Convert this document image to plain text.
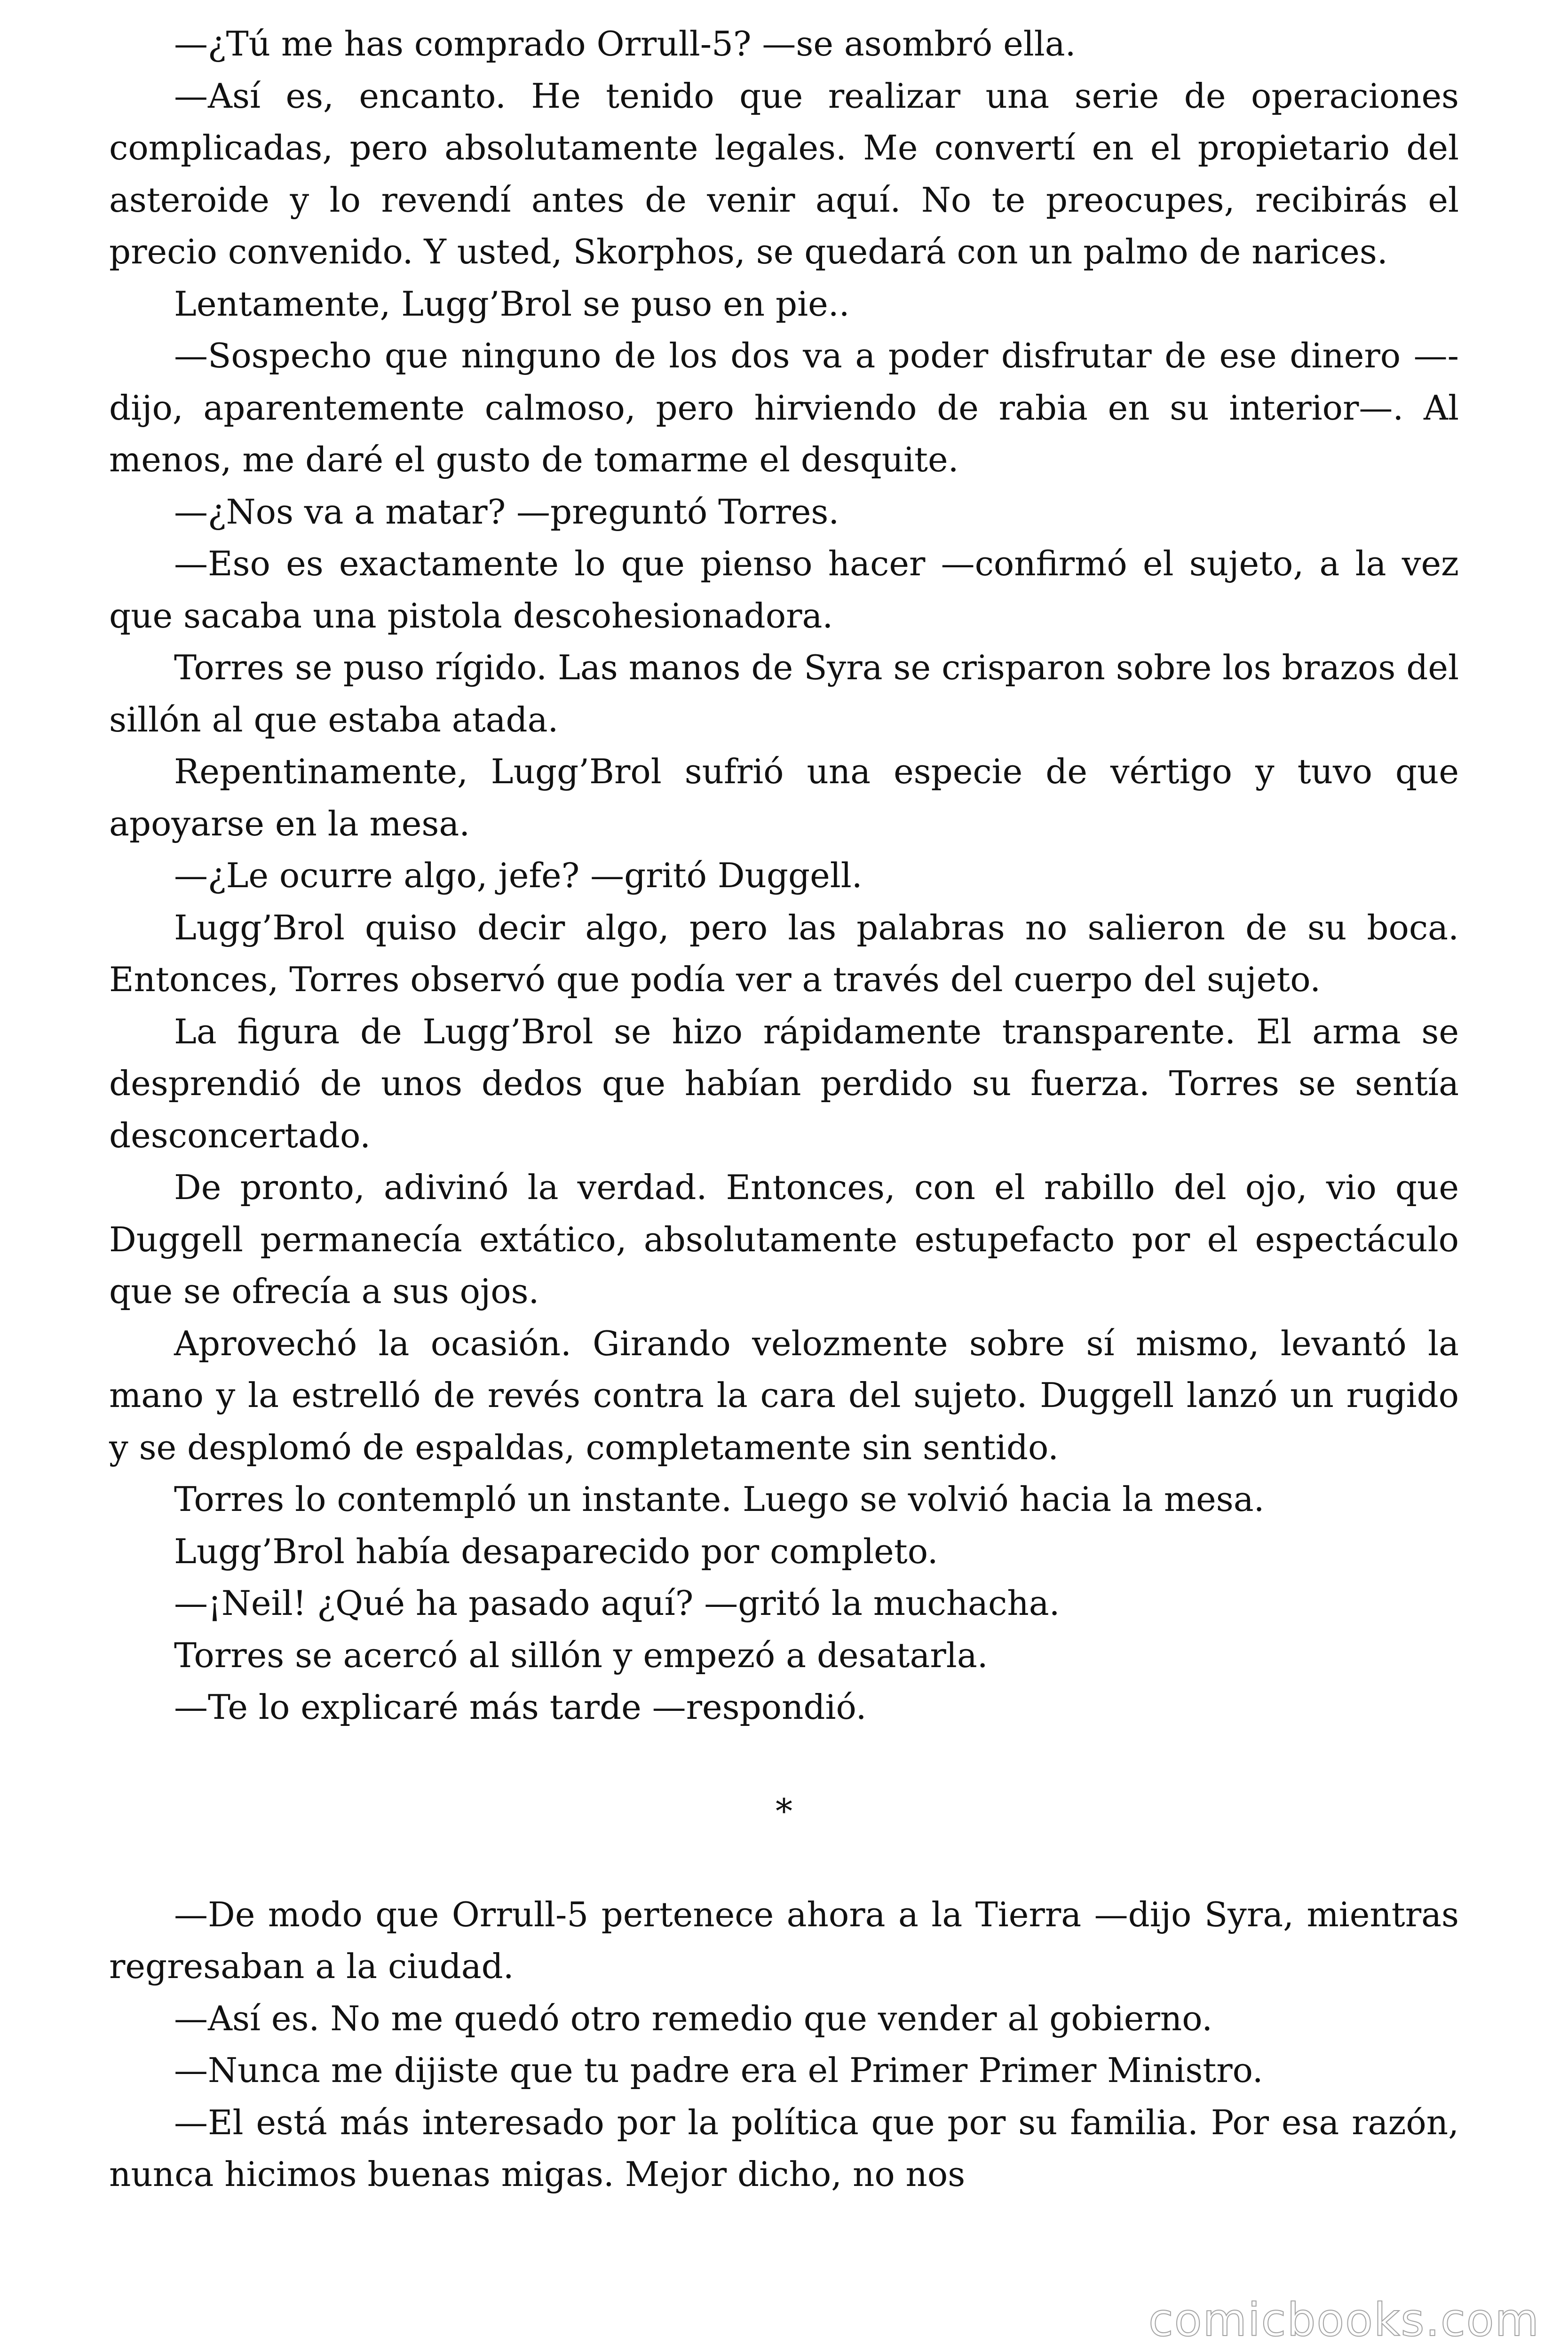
—¿Tú me has comprado Orrull-5? —se asombró ella.

—Así es, encanto. He tenido que realizar una serie de operaciones complicadas, pero absolutamente legales. Me convertí en el propietario del asteroide y lo revendí antes de venir aquí. No te preocupes, recibirás el precio convenido. Y usted, Skorphos, se quedará con un palmo de narices.

Lentamente, Lugg’Brol se puso en pie..

—Sospecho que ninguno de los dos va a poder disfrutar de ese dinero —-dijo, aparentemente calmoso, pero hirviendo de rabia en su interior—. Al menos, me daré el gusto de tomarme el desquite.

—¿Nos va a matar? —preguntó Torres.

—Eso es exactamente lo que pienso hacer —confirmó el sujeto, a la vez que sacaba una pistola descohesionadora.

Torres se puso rígido. Las manos de Syra se crisparon sobre los brazos del sillón al que estaba atada.

Repentinamente, Lugg’Brol sufrió una especie de vértigo y tuvo que apoyarse en la mesa.

—¿Le ocurre algo, jefe? —gritó Duggell.

Lugg’Brol quiso decir algo, pero las palabras no salieron de su boca. Entonces, Torres observó que podía ver a través del cuerpo del sujeto.

La figura de Lugg’Brol se hizo rápidamente transparente. El arma se desprendió de unos dedos que habían perdido su fuerza. Torres se sentía desconcertado.

De pronto, adivinó la verdad. Entonces, con el rabillo del ojo, vio que Duggell permanecía extático, absolutamente estupefacto por el espectáculo que se ofrecía a sus ojos.

Aprovechó la ocasión. Girando velozmente sobre sí mismo, levantó la mano y la estrelló de revés contra la cara del sujeto. Duggell lanzó un rugido y se desplomó de espaldas, completamente sin sentido.

Torres lo contempló un instante. Luego se volvió hacia la mesa.

Lugg’Brol había desaparecido por completo.

—¡Neil! ¿Qué ha pasado aquí? —gritó la muchacha.

Torres se acercó al sillón y empezó a desatarla.

—Te lo explicaré más tarde —respondió.

*

—De modo que Orrull-5 pertenece ahora a la Tierra —dijo Syra, mientras regresaban a la ciudad.

—Así es. No me quedó otro remedio que vender al gobierno.

—Nunca me dijiste que tu padre era el Primer Primer Ministro.

—El está más interesado por la política que por su familia. Por esa razón, nunca hicimos buenas migas. Mejor dicho, no nos

comicbooks.com
